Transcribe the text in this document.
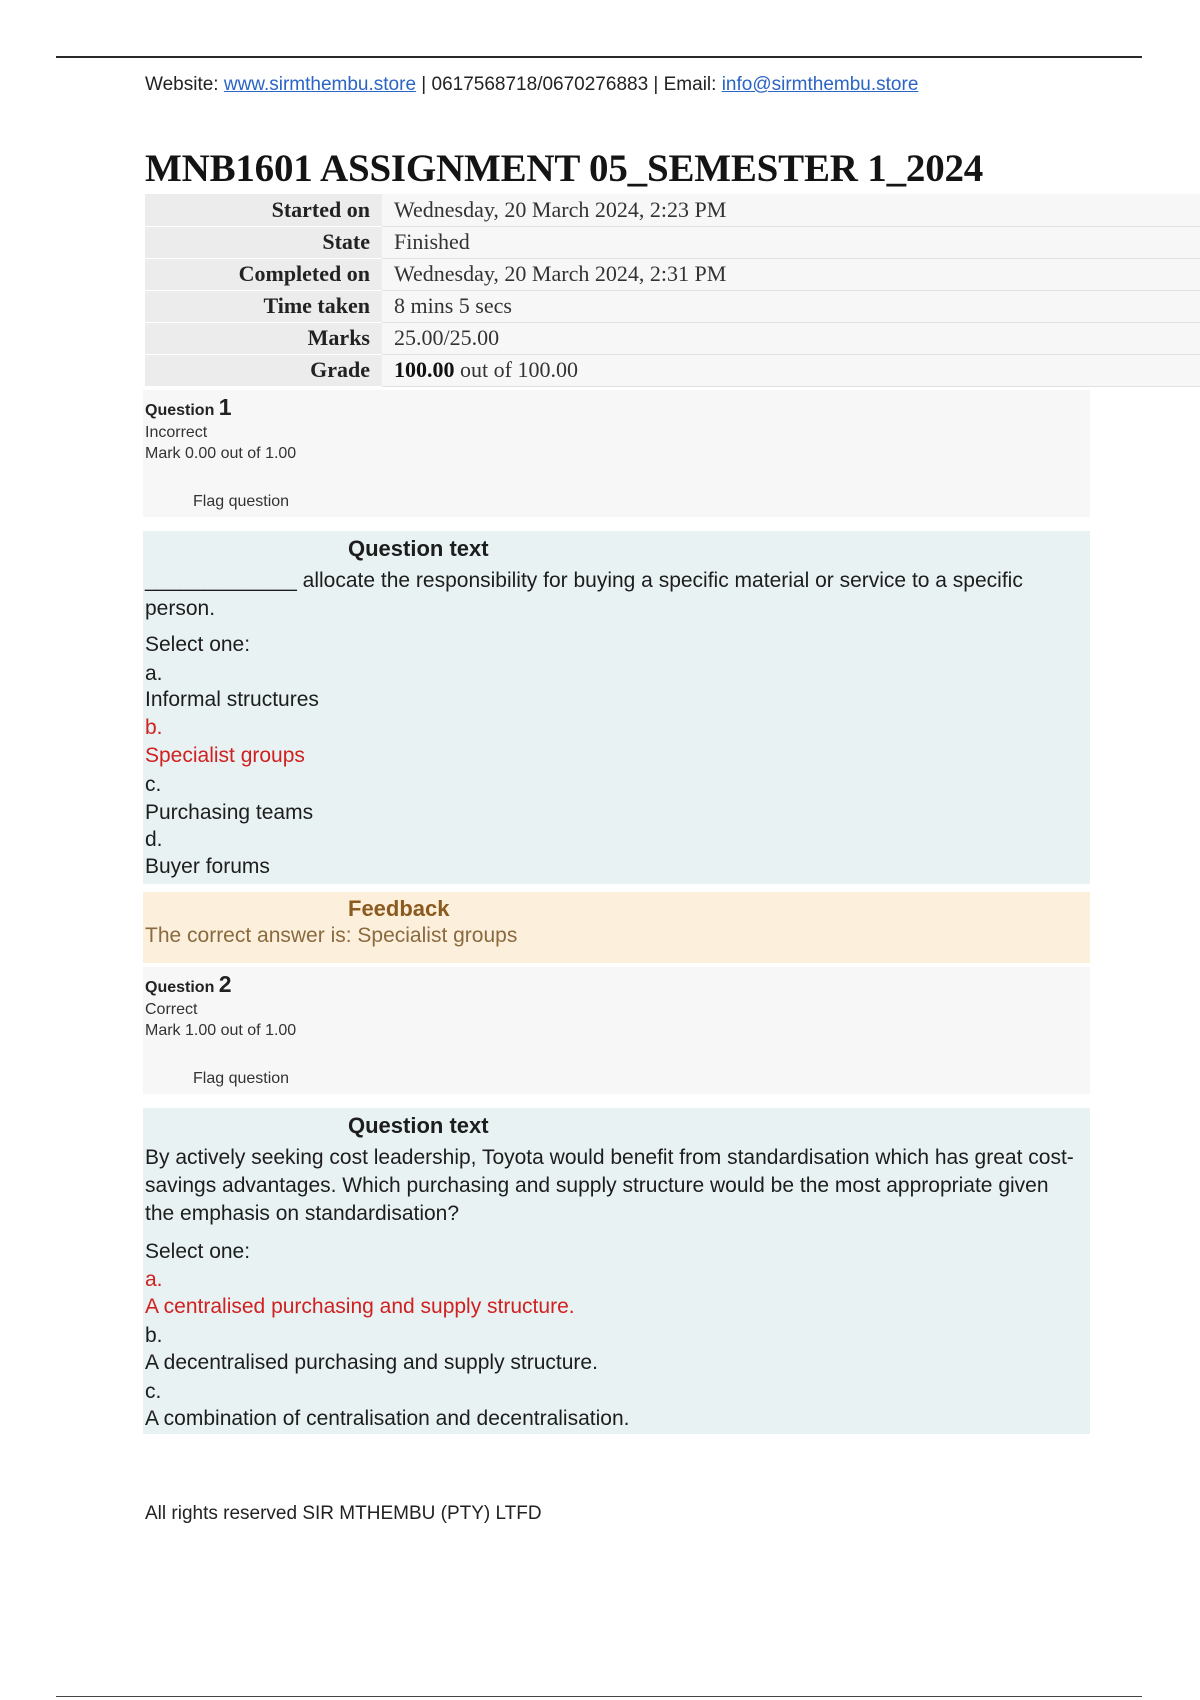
Website: www.sirmthembu.store | 0617568718/0670276883 | Email: info@sirmthembu.store
MNB1601 ASSIGNMENT 05_SEMESTER 1_2024
Started on	Wednesday, 20 March 2024, 2:23 PM
State	Finished
Completed on	Wednesday, 20 March 2024, 2:31 PM
Time taken	8 mins 5 secs
Marks	25.00/25.00
Grade	100.00 out of 100.00
Question 1
Incorrect
Mark 0.00 out of 1.00
Flag question
Question text

_____________ allocate the responsibility for buying a specific material or service to a specific person.

Select one:
a.
Informal structures
b.
Specialist groups
c.
Purchasing teams
d.
Buyer forums
Feedback
The correct answer is: Specialist groups
Question 2
Correct
Mark 1.00 out of 1.00
Flag question
Question text

By actively seeking cost leadership, Toyota would benefit from standardisation which has great cost-savings advantages. Which purchasing and supply structure would be the most appropriate given the emphasis on standardisation?

Select one:
a.
A centralised purchasing and supply structure.
b.
A decentralised purchasing and supply structure.
c.
A combination of centralisation and decentralisation.
All rights reserved SIR MTHEMBU (PTY) LTFD
